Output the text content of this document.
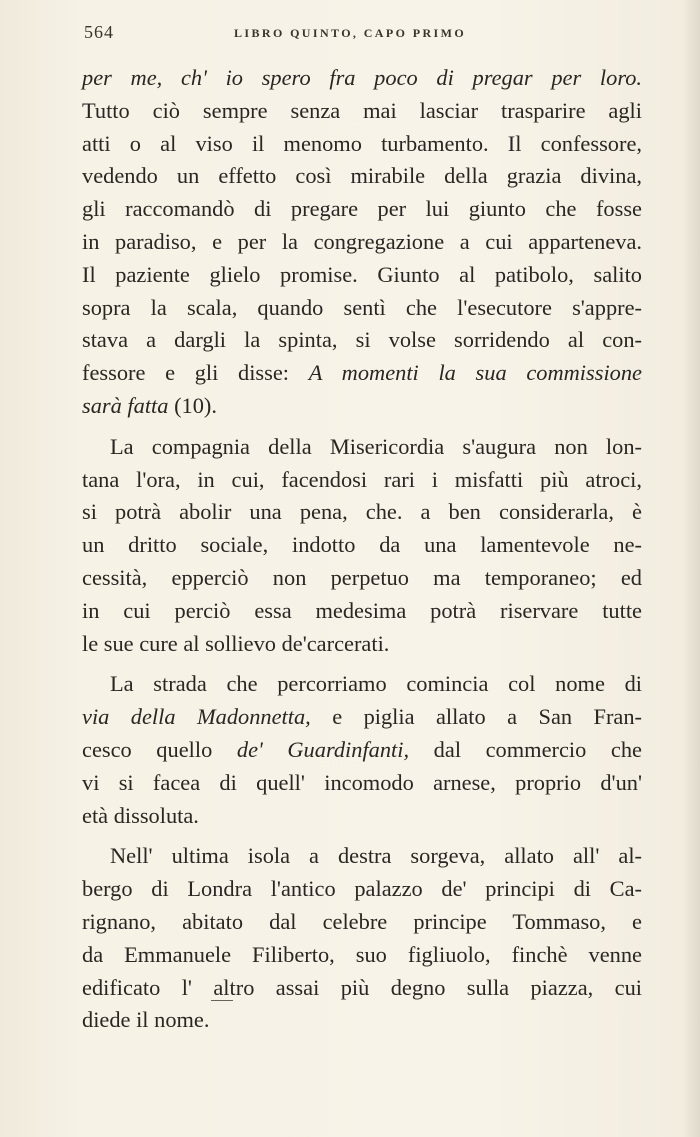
564	LIBRO QUINTO, CAPO PRIMO
per me, ch' io spero fra poco di pregar per loro.
Tutto ciò sempre senza mai lasciar trasparire agli
atti o al viso il menomo turbamento. Il confessore,
vedendo un effetto così mirabile della grazia divina,
gli raccomandò di pregare per lui giunto che fosse
in paradiso, e per la congregazione a cui apparteneva.
Il paziente glielo promise. Giunto al patibolo, salito
sopra la scala, quando sentì che l'esecutore s'appre-
stava a dargli la spinta, si volse sorridendo al con-
fessore e gli disse: A momenti la sua commissione
sarà fatta (10).
La compagnia della Misericordia s'augura non lon-
tana l'ora, in cui, facendosi rari i misfatti più atroci,
si potrà abolir una pena, che. a ben considerarla, è
un dritto sociale, indotto da una lamentevole ne-
cessità, epperciò non perpetuo ma temporaneo; ed
in cui perciò essa medesima potrà riservare tutte
le sue cure al sollievo de'carcerati.
La strada che percorriamo comincia col nome di
via della Madonnetta, e piglia allato a San Fran-
cesco quello de' Guardinfanti, dal commercio che
vi si facea di quell' incomodo arnese, proprio d'un'
età dissoluta.
Nell' ultima isola a destra sorgeva, allato all' al-
bergo di Londra l'antico palazzo de' principi di Ca-
rignano, abitato dal celebre principe Tommaso, e
da Emmanuele Filiberto, suo figliuolo, finchè venne
edificato l' altro assai più degno sulla piazza, cui
diede il nome.
